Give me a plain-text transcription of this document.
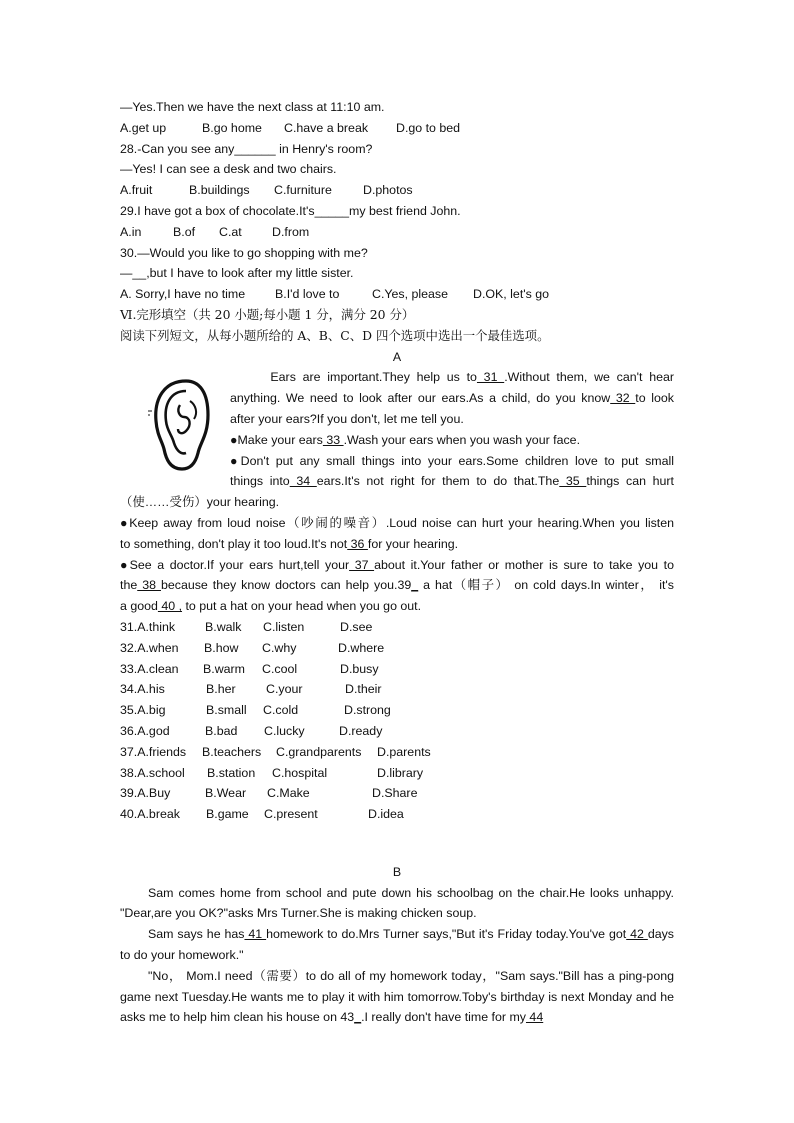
—Yes.Then we have the next class at 11:10 am.
A.get up	B.go home C.have a break D.go to bed
28.-Can you see any______ in Henry's room?
—Yes! I can see a desk and two chairs.
A.fruit	B.buildings C.furniture	D.photos
29.I have got a box of chocolate.It's_____my best friend John.
A.in	B.of C.at D.from
30.—Would you like to go shopping with me?
—__,but I have to look after my little sister.
A. Sorry,I have no time B.I'd love to	C.Yes, please D.OK, let's go
Ⅵ.完形填空（共 20 小题;每小题 1 分，满分 20 分）
阅读下列短文，从每小题所给的 A、B、C、D 四个选项中选出一个最佳选项。
A
Ears are important.They help us to 31 .Without them, we can't hear
anything. We need to look after our ears.As a child, do you know 32 to look
after your ears?If you don't, let me tell you.
●Make your ears 33 .Wash your ears when you wash your face.
●Don't put any small things into your ears.Some children love to put small
things into 34 ears.It's not right for them to do that.The 35 things can hurt
（使……受伤）your hearing.
●Keep away from loud noise（吵闹的噪音）.Loud noise can hurt your hearing.When you listen
to something, don't play it too loud.It's not 36 for your hearing.
●See a doctor.If your ears hurt,tell your 37 about it.Your father or mother is sure to take you to
the 38 because they know doctors can help you.39_ a hat（帽子） on cold days.In winter， it's
a good 40 , to put a hat on your head when you go out.
31.A.think B.walk C.listen	D.see
32.A.when B.how C.why	D.where
33.A.clean B.warm C.cool	D.busy
34.A.his	B.her C.your	D.their
35.A.big	B.small C.cold	D.strong
36.A.god	B.bad C.lucky	D.ready
37.A.friends B.teachers C.grandparents D.parents
38.A.school B.station C.hospital	D.library
39.A.Buy	B.Wear C.Make	D.Share
40.A.break B.game C.present	D.idea
B
Sam comes home from school and pute down his schoolbag on the chair.He looks unhappy. "Dear,are you OK?"asks Mrs Turner.She is making chicken soup.
Sam says he has 41 homework to do.Mrs Turner says,"But it's Friday today.You've got 42 days to do your homework."
"No， Mom.I need（需要）to do all of my homework today，"Sam says."Bill has a ping-pong game next Tuesday.He wants me to play it with him tomorrow.Toby's birthday is next Monday and he asks me to help him clean his house on 43_.I really don't have time for my 44
